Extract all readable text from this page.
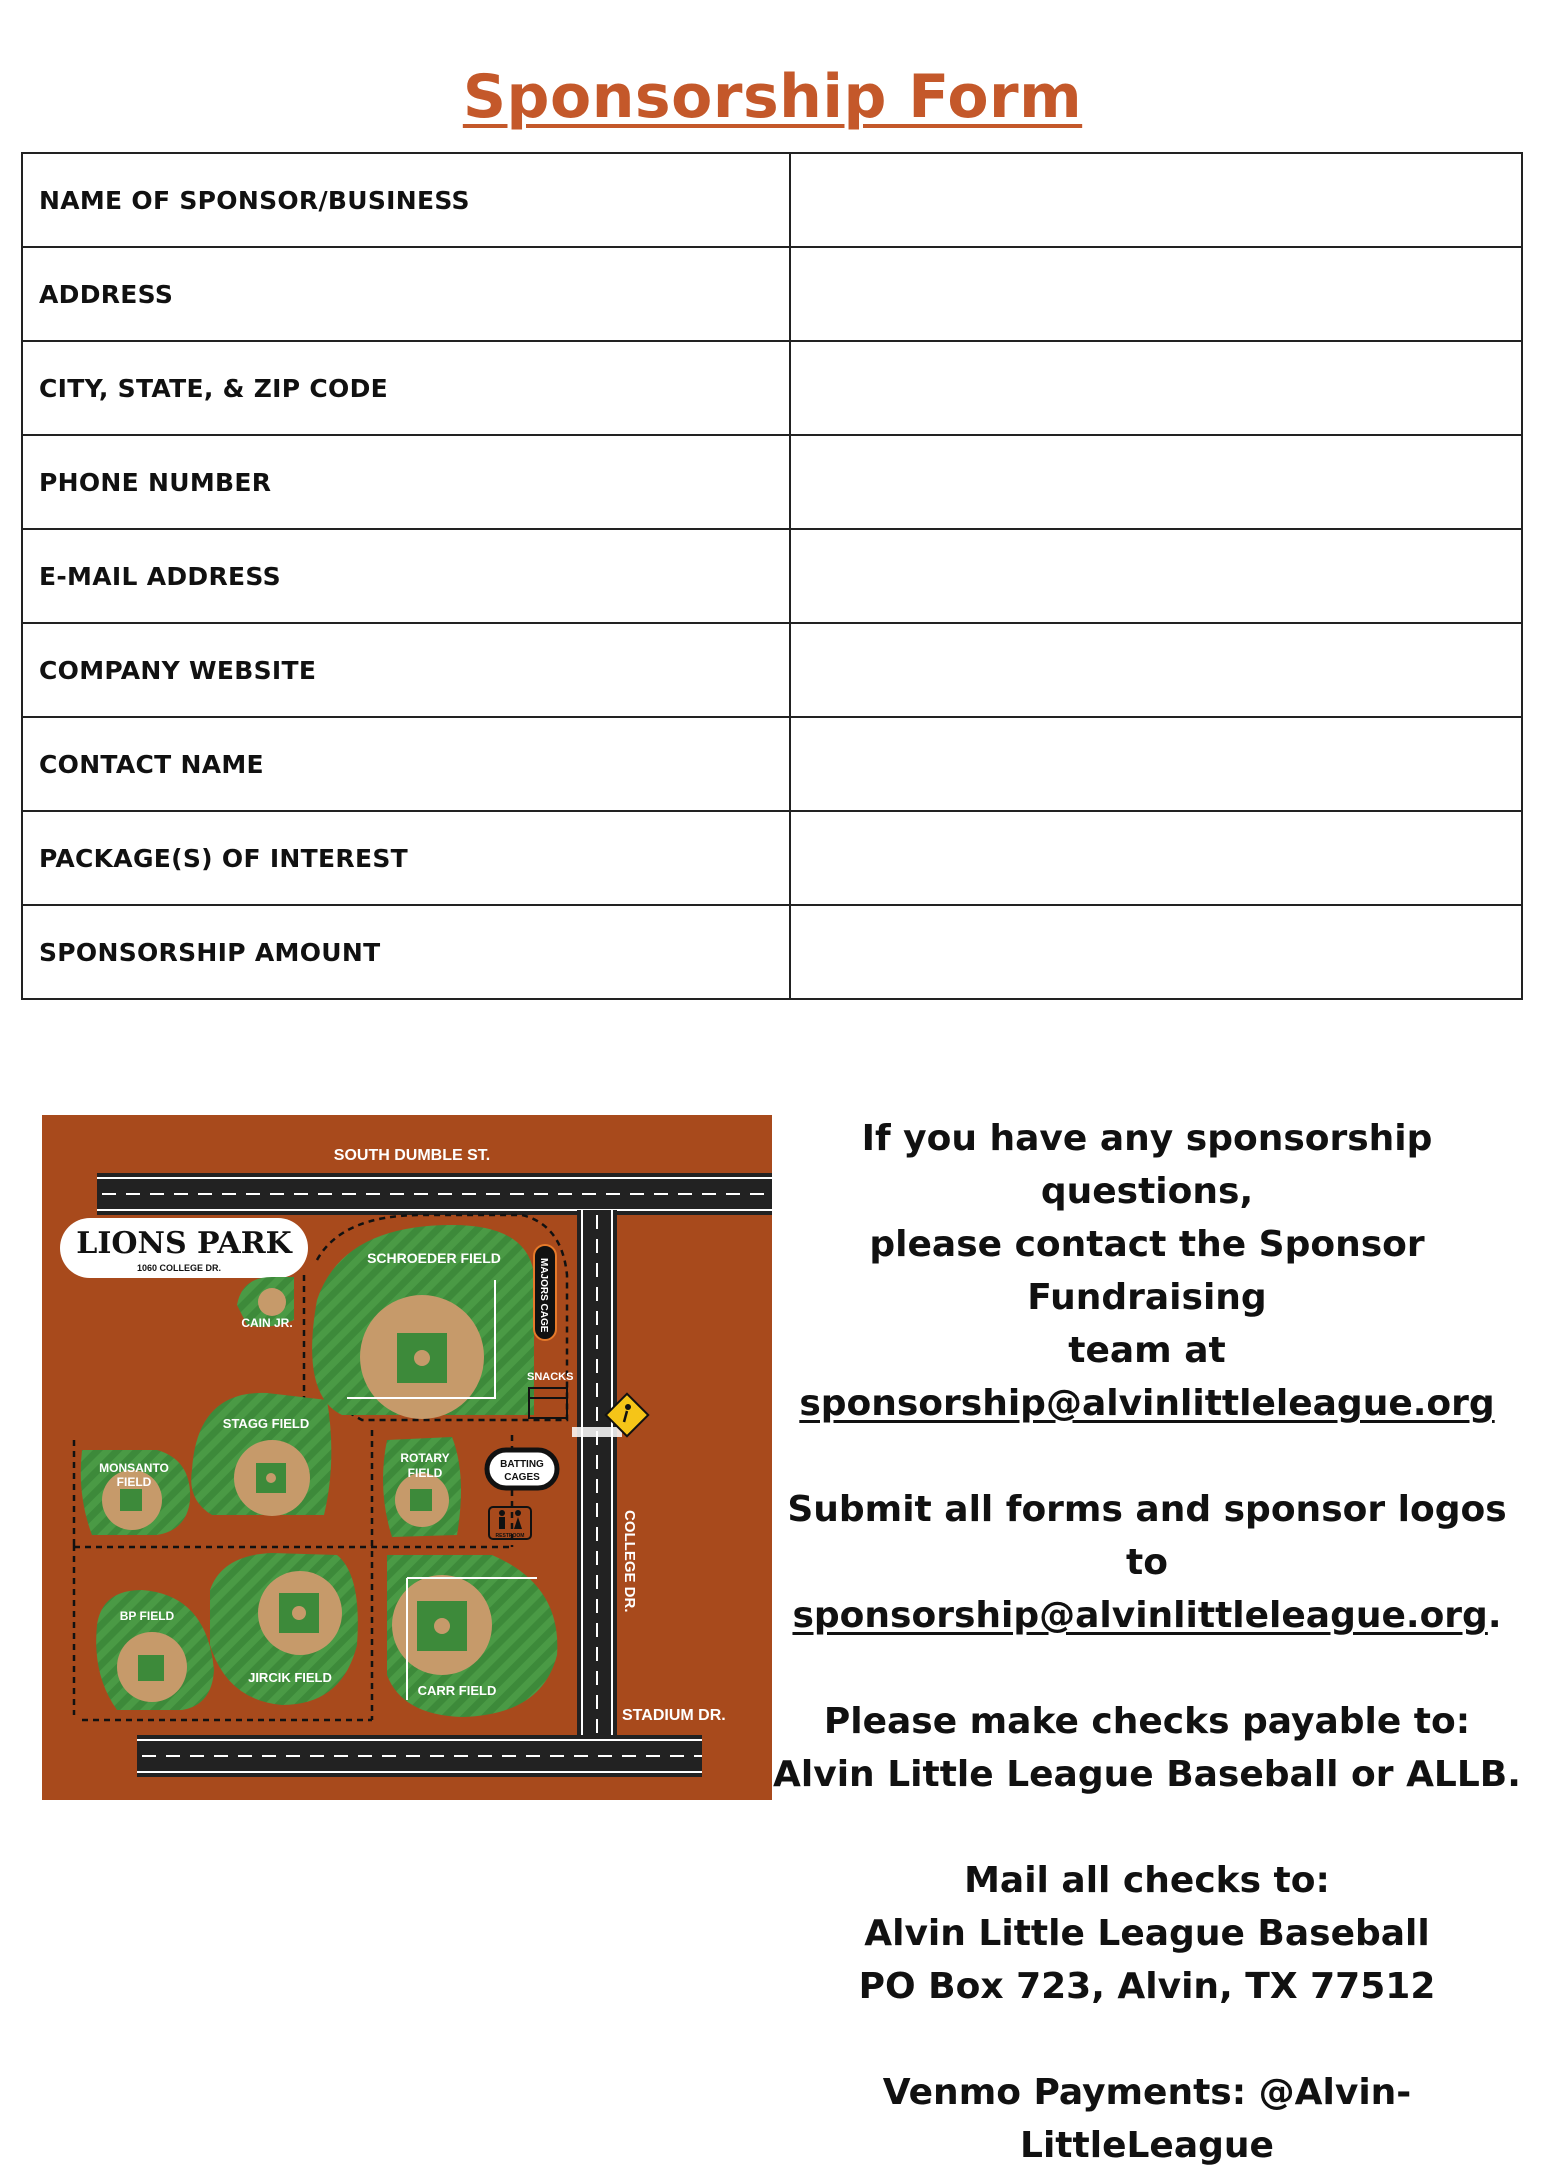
Sponsorship Form
NAME OF SPONSOR/BUSINESS	
ADDRESS	
CITY, STATE, & ZIP CODE	
PHONE NUMBER	
E-MAIL ADDRESS	
COMPANY WEBSITE	
CONTACT NAME	
PACKAGE(S) OF INTEREST	
SPONSORSHIP AMOUNT	
SOUTH DUMBLE ST.
COLLEGE DR.
STADIUM DR.
LIONS PARK
1060 COLLEGE DR.
SCHROEDER FIELD
CAIN JR.
STAGG FIELD
MONSANTO
FIELD
ROTARY
FIELD
BP FIELD
JIRCIK FIELD
CARR FIELD
MAJORS CAGE
SNACKS
BATTING
CAGES
RESTROOM

If you have any sponsorship questions,

please contact the Sponsor Fundraising

team at

sponsorship@alvinlittleleague.org

Submit all forms and sponsor logos to

sponsorship@alvinlittleleague.org.

Please make checks payable to:

Alvin Little League Baseball or ALLB.

Mail all checks to:

Alvin Little League Baseball

PO Box 723, Alvin, TX 77512

Venmo Payments: @Alvin-LittleLeague
